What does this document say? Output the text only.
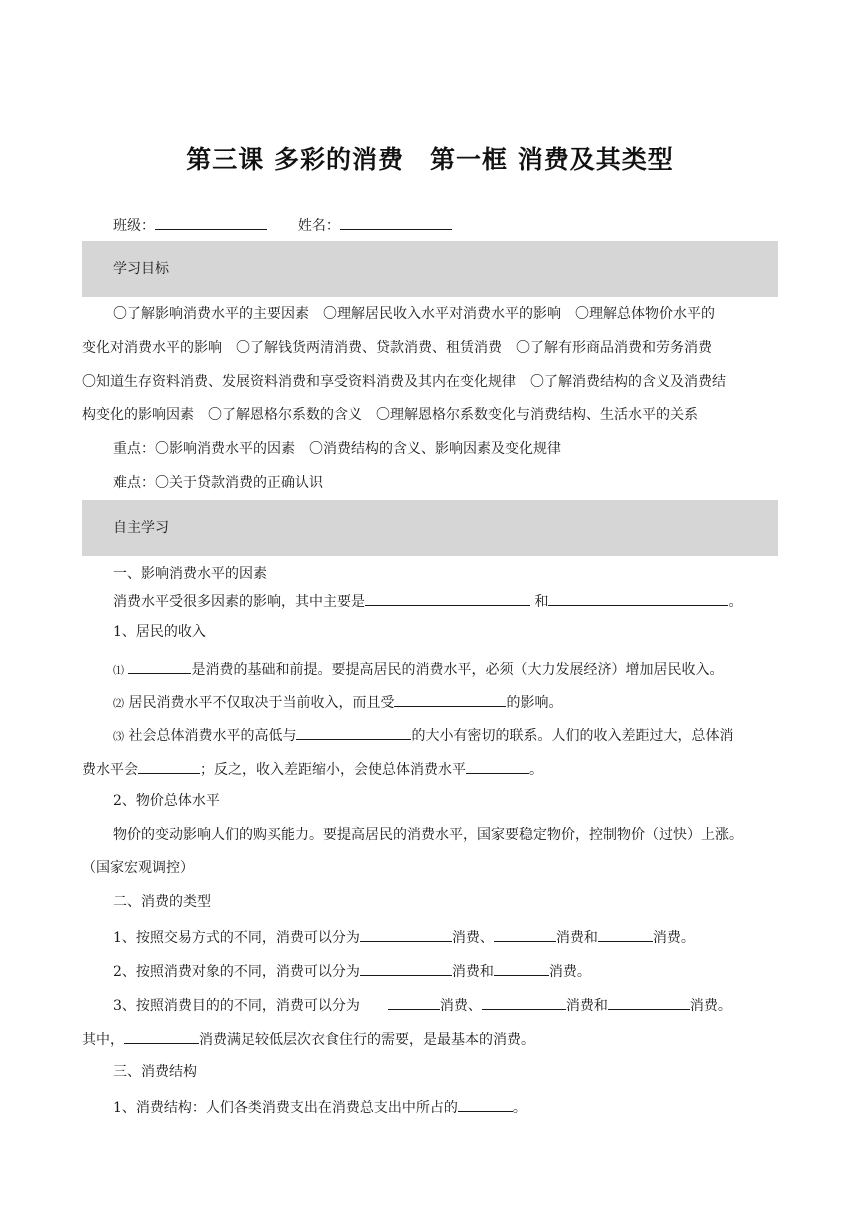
第三课 多彩的消费　第一框 消费及其类型
班级：	姓名：
学习目标
〇了解影响消费水平的主要因素　〇理解居民收入水平对消费水平的影响　〇理解总体物价水平的
变化对消费水平的影响　〇了解钱货两清消费、贷款消费、租赁消费　〇了解有形商品消费和劳务消费
〇知道生存资料消费、发展资料消费和享受资料消费及其内在变化规律　〇了解消费结构的含义及消费结
构变化的影响因素　〇了解恩格尔系数的含义　〇理解恩格尔系数变化与消费结构、生活水平的关系
重点：〇影响消费水平的因素　〇消费结构的含义、影响因素及变化规律
难点：〇关于贷款消费的正确认识
自主学习
一、影响消费水平的因素
消费水平受很多因素的影响，其中主要是	和	。
1、居民的收入
⑴	是消费的基础和前提。要提高居民的消费水平，必须（大力发展经济）增加居民收入。
⑵ 居民消费水平不仅取决于当前收入，而且受	的影响。
⑶ 社会总体消费水平的高低与	的大小有密切的联系。人们的收入差距过大，总体消
费水平会	；反之，收入差距缩小，会使总体消费水平	。
2、物价总体水平
物价的变动影响人们的购买能力。要提高居民的消费水平，国家要稳定物价，控制物价（过快）上涨。
（国家宏观调控）
二、消费的类型
1、按照交易方式的不同，消费可以分为	消费、	消费和	消费。
2、按照消费对象的不同，消费可以分为	消费和	消费。
3、按照消费目的的不同，消费可以分为　　	消费、	消费和	消费。
其中，	消费满足较低层次衣食住行的需要，是最基本的消费。
三、消费结构
1、消费结构：人们各类消费支出在消费总支出中所占的	。
